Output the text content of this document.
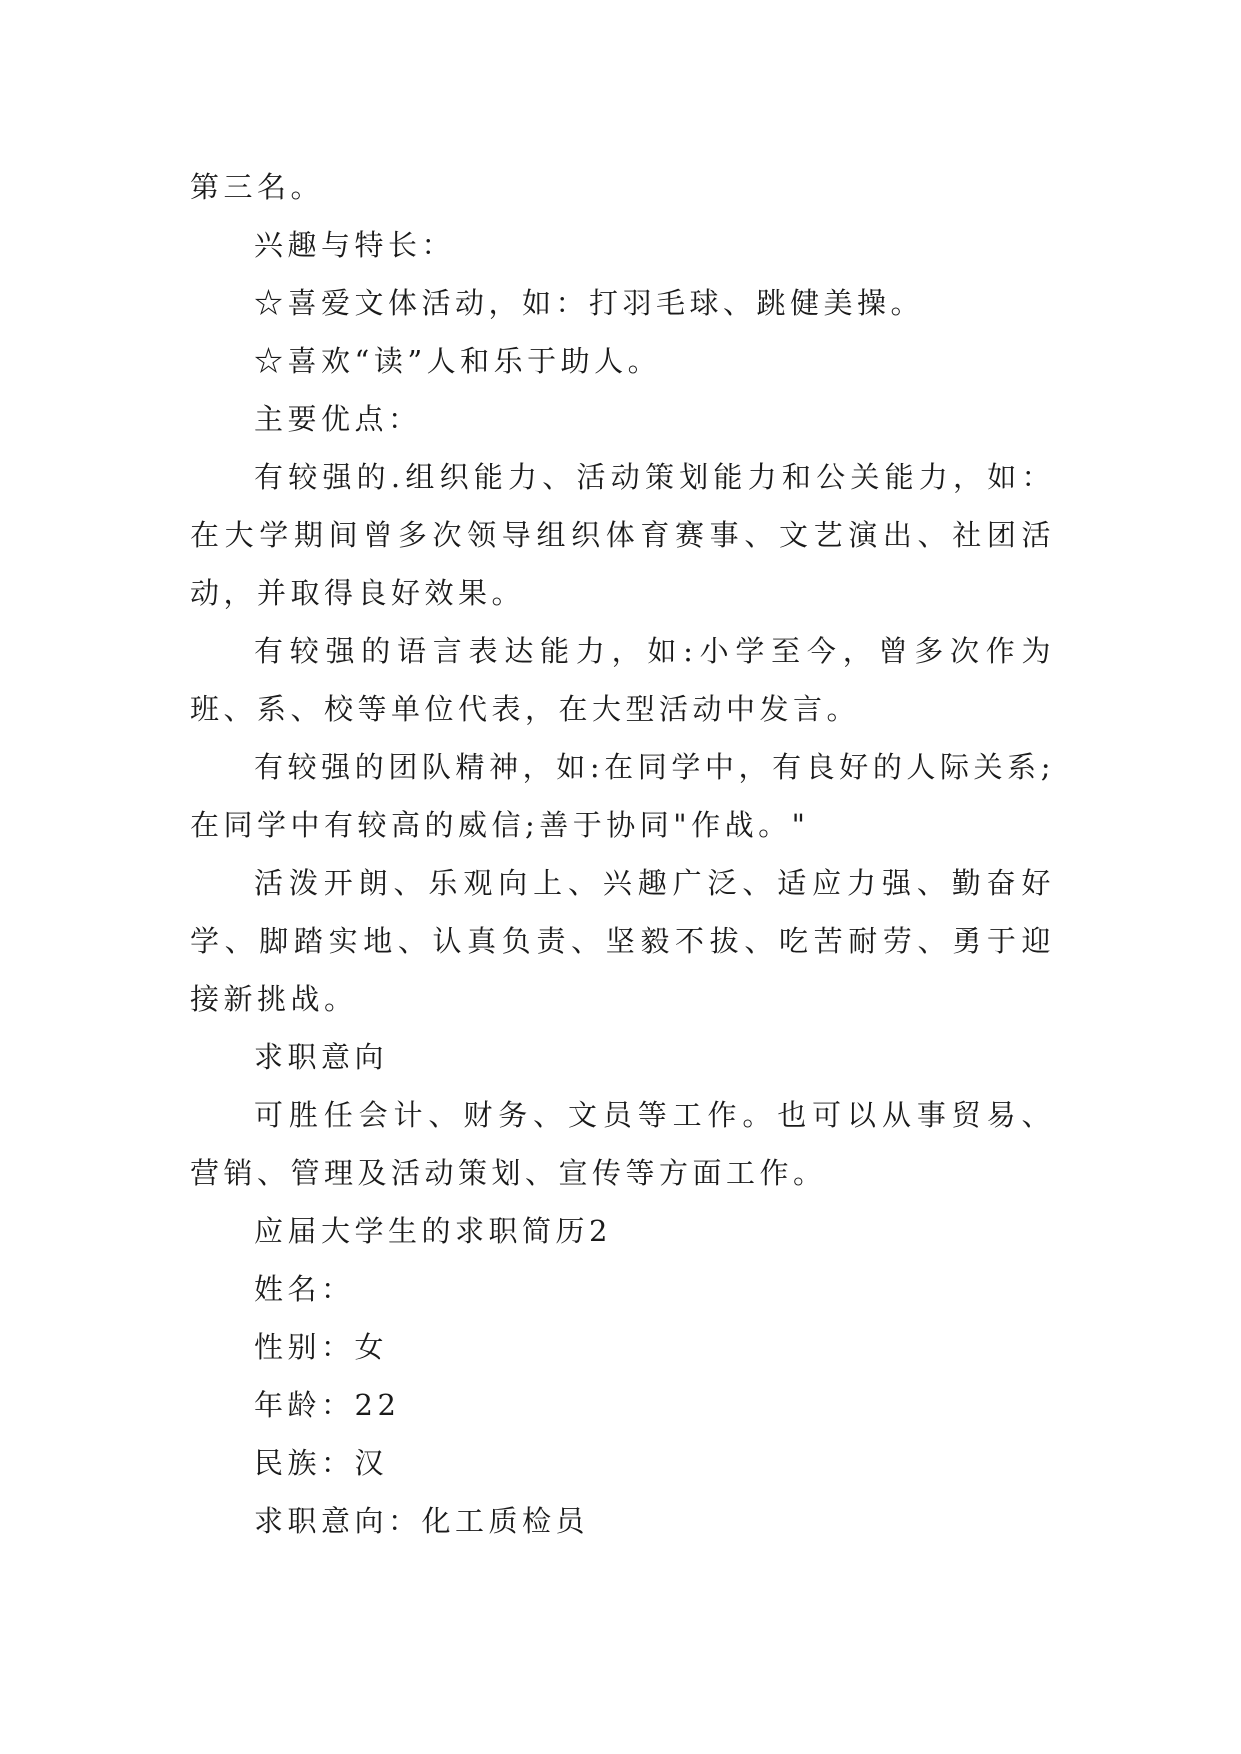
第三名。

兴趣与特长：

☆喜爱文体活动，如：打羽毛球、跳健美操。

☆喜欢“读”人和乐于助人。

主要优点：

有较强的.组织能力、活动策划能力和公关能力，如：在大学期间曾多次领导组织体育赛事、文艺演出、社团活动，并取得良好效果。

有较强的语言表达能力，如:小学至今，曾多次作为班、系、校等单位代表，在大型活动中发言。

有较强的团队精神，如:在同学中，有良好的人际关系;在同学中有较高的威信;善于协同"作战。"

活泼开朗、乐观向上、兴趣广泛、适应力强、勤奋好学、脚踏实地、认真负责、坚毅不拔、吃苦耐劳、勇于迎接新挑战。

求职意向

可胜任会计、财务、文员等工作。也可以从事贸易、营销、管理及活动策划、宣传等方面工作。

应届大学生的求职简历2

姓名：

性别：女

年龄：22

民族：汉

求职意向：化工质检员
